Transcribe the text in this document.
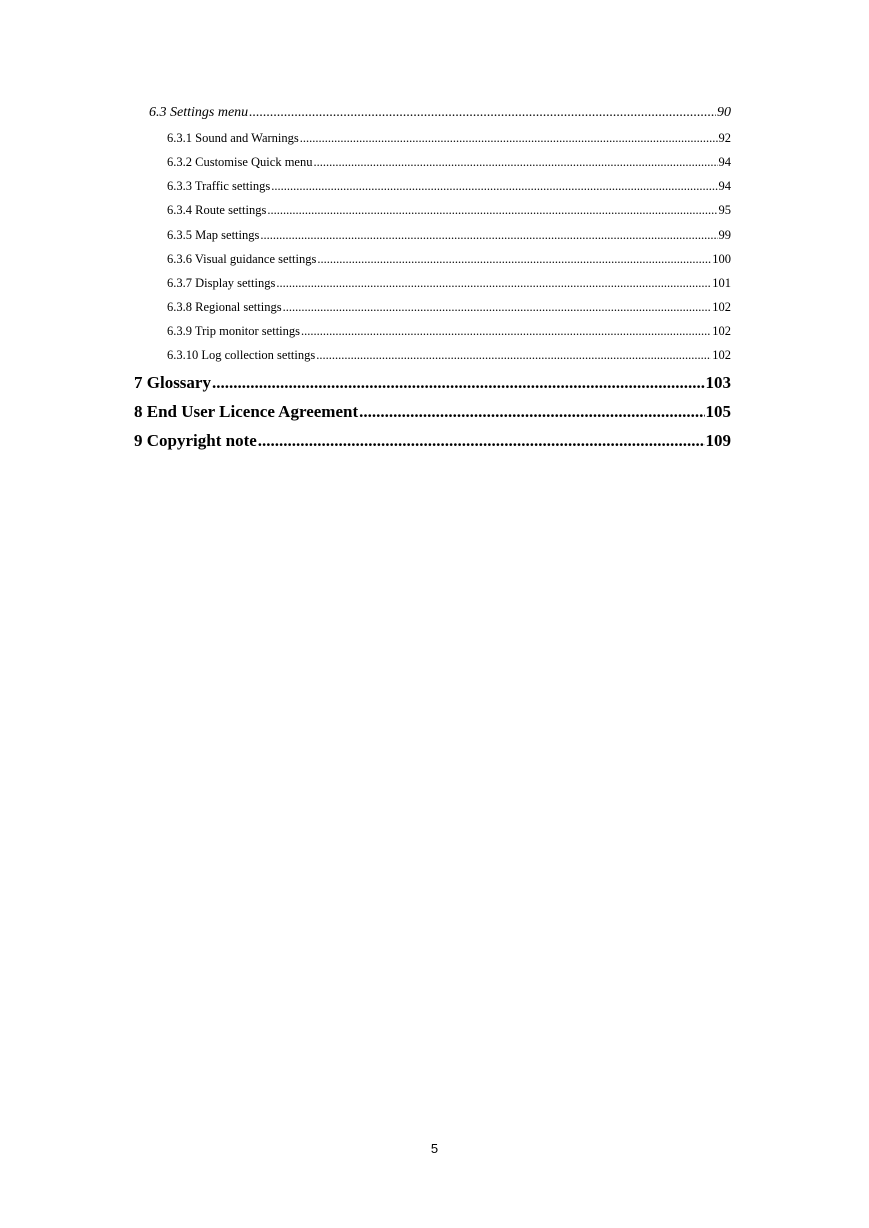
6.3 Settings menu .....	90
6.3.1 Sound and Warnings .....	92
6.3.2 Customise Quick menu .....	94
6.3.3 Traffic settings .....	94
6.3.4 Route settings .....	95
6.3.5 Map settings .....	99
6.3.6 Visual guidance settings .....	100
6.3.7 Display settings .....	101
6.3.8 Regional settings .....	102
6.3.9 Trip monitor settings .....	102
6.3.10 Log collection settings .....	102
7 Glossary .....	103
8 End User Licence Agreement .....	105
9 Copyright note .....	109
5
